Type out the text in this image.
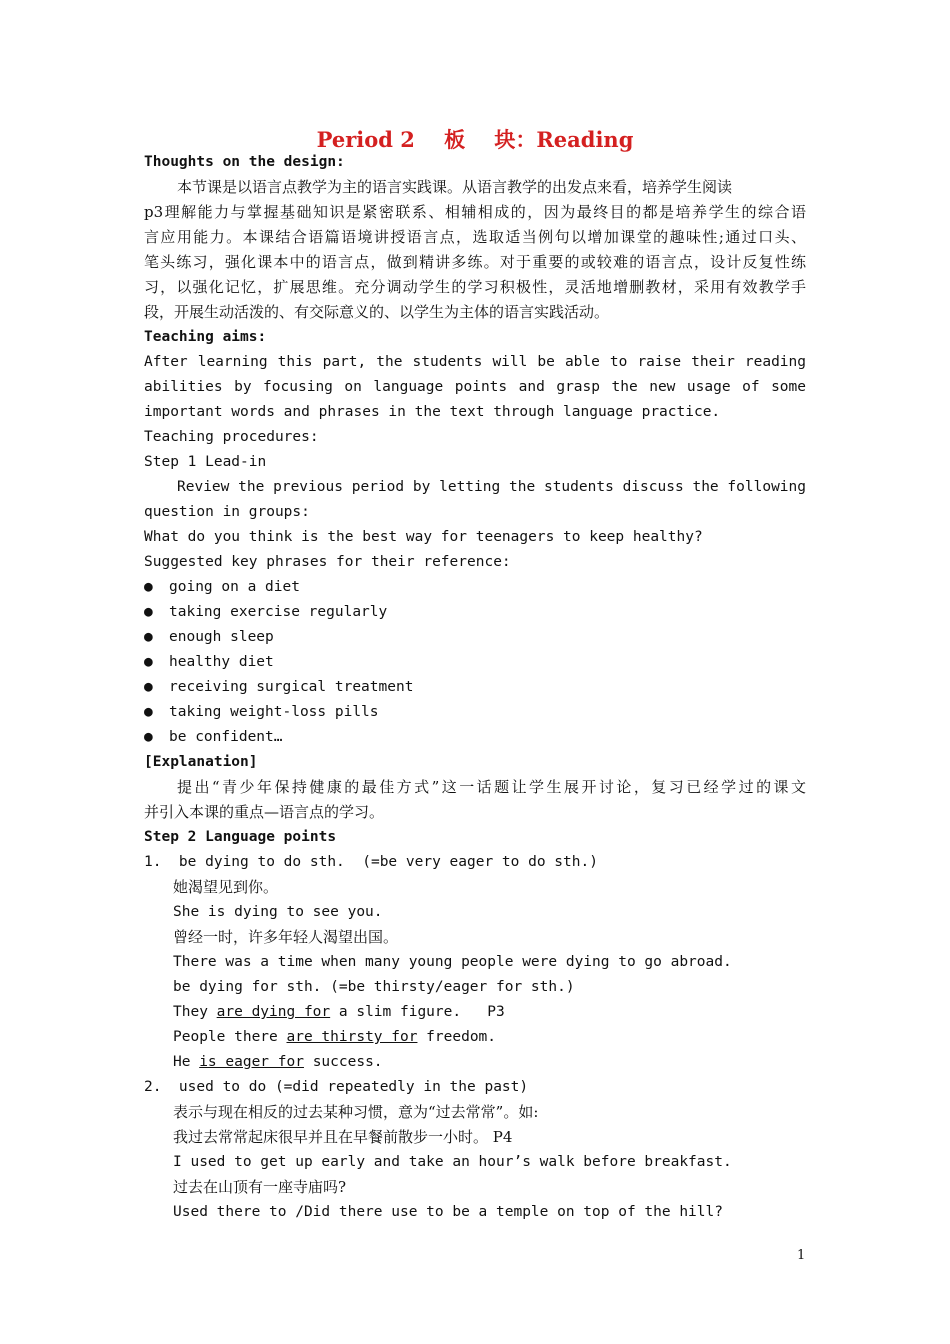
Period 2    板    块：Reading
Thoughts on the design:
本节课是以语言点教学为主的语言实践课。从语言教学的出发点来看，培养学生阅读
p3理解能力与掌握基础知识是紧密联系、相辅相成的，因为最终目的都是培养学生的综合语
言应用能力。本课结合语篇语境讲授语言点，选取适当例句以增加课堂的趣味性;通过口头、
笔头练习，强化课本中的语言点，做到精讲多练。对于重要的或较难的语言点，设计反复性练
习，以强化记忆，扩展思维。充分调动学生的学习积极性，灵活地增删教材，采用有效教学手
段，开展生动活泼的、有交际意义的、以学生为主体的语言实践活动。
Teaching aims:
After learning this part, the students will be able to raise their reading
abilities by focusing on language points and grasp the new usage of some
important words and phrases in the text through language practice.
Teaching procedures:
Step 1 Lead-in
Review the previous period by letting the students discuss the following
question in groups:
What do you think is the best way for teenagers to keep healthy?
Suggested key phrases for their reference:
●	going on a diet
●	taking exercise regularly
●	enough sleep
●	healthy diet
●	receiving surgical treatment
●	taking weight-loss pills
●	be confident…
[Explanation]
提出“青少年保持健康的最佳方式”这一话题让学生展开讨论，复习已经学过的课文
并引入本课的重点—语言点的学习。
Step 2 Language points
1.  be dying to do sth.  (=be very eager to do sth.)
她渴望见到你。
She is dying to see you.
曾经一时，许多年轻人渴望出国。
There was a time when many young people were dying to go abroad.
be dying for sth. (=be thirsty/eager for sth.)
They are dying for a slim figure.   P3
People there are thirsty for freedom.
He is eager for success.
2.  used to do (=did repeatedly in the past)
表示与现在相反的过去某种习惯，意为“过去常常”。如:
我过去常常起床很早并且在早餐前散步一小时。 P4
I used to get up early and take an hour’s walk before breakfast.
过去在山顶有一座寺庙吗?
Used there to /Did there use to be a temple on top of the hill?
1
